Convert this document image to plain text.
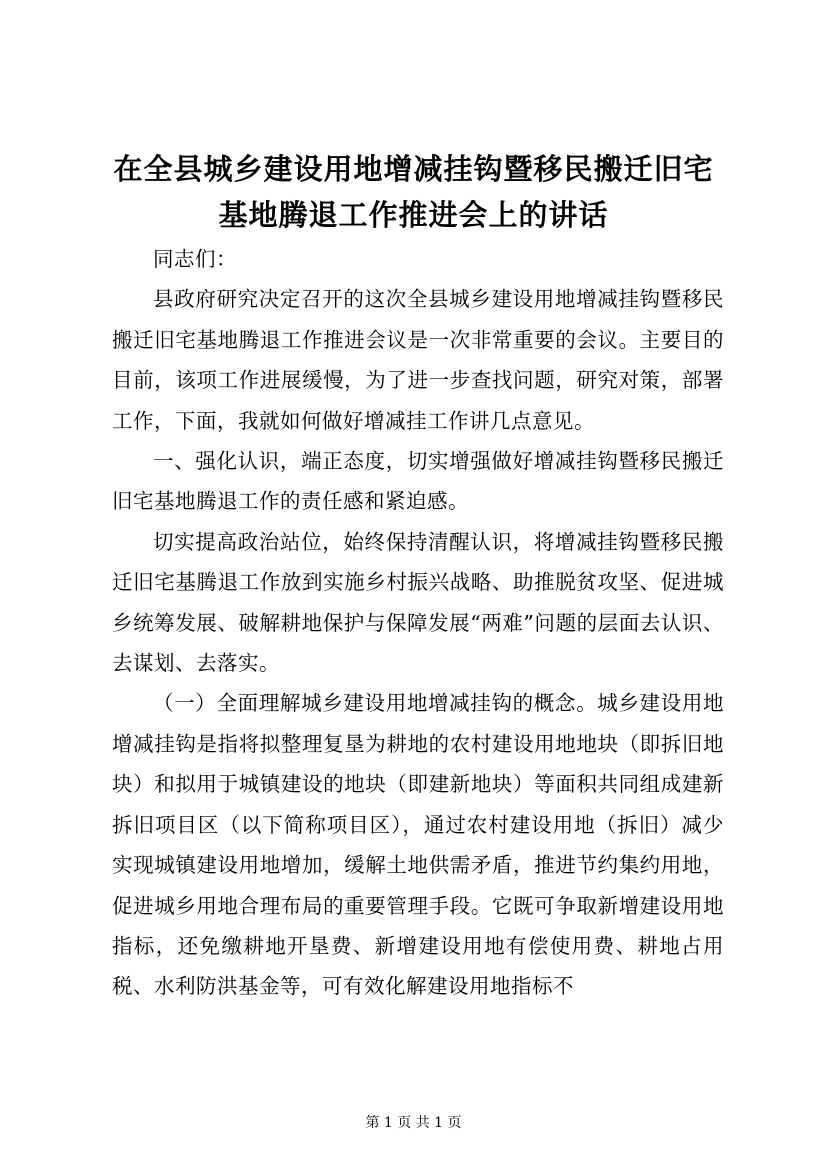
在全县城乡建设用地增减挂钩暨移民搬迁旧宅
基地腾退工作推进会上的讲话

同志们：

县政府研究决定召开的这次全县城乡建设用地增减挂钩暨移民搬迁旧宅基地腾退工作推进会议是一次非常重要的会议。主要目的目前，该项工作进展缓慢，为了进一步查找问题，研究对策，部署工作，下面，我就如何做好增减挂工作讲几点意见。

一、强化认识，端正态度，切实增强做好增减挂钩暨移民搬迁旧宅基地腾退工作的责任感和紧迫感。

切实提高政治站位，始终保持清醒认识，将增减挂钩暨移民搬迁旧宅基腾退工作放到实施乡村振兴战略、助推脱贫攻坚、促进城乡统筹发展、破解耕地保护与保障发展“两难”问题的层面去认识、去谋划、去落实。

（一）全面理解城乡建设用地增减挂钩的概念。城乡建设用地增减挂钩是指将拟整理复垦为耕地的农村建设用地地块（即拆旧地块）和拟用于城镇建设的地块（即建新地块）等面积共同组成建新拆旧项目区（以下简称项目区），通过农村建设用地（拆旧）减少实现城镇建设用地增加，缓解土地供需矛盾，推进节约集约用地，促进城乡用地合理布局的重要管理手段。它既可争取新增建设用地指标，还免缴耕地开垦费、新增建设用地有偿使用费、耕地占用税、水利防洪基金等，可有效化解建设用地指标不

第 1 页 共 1 页
